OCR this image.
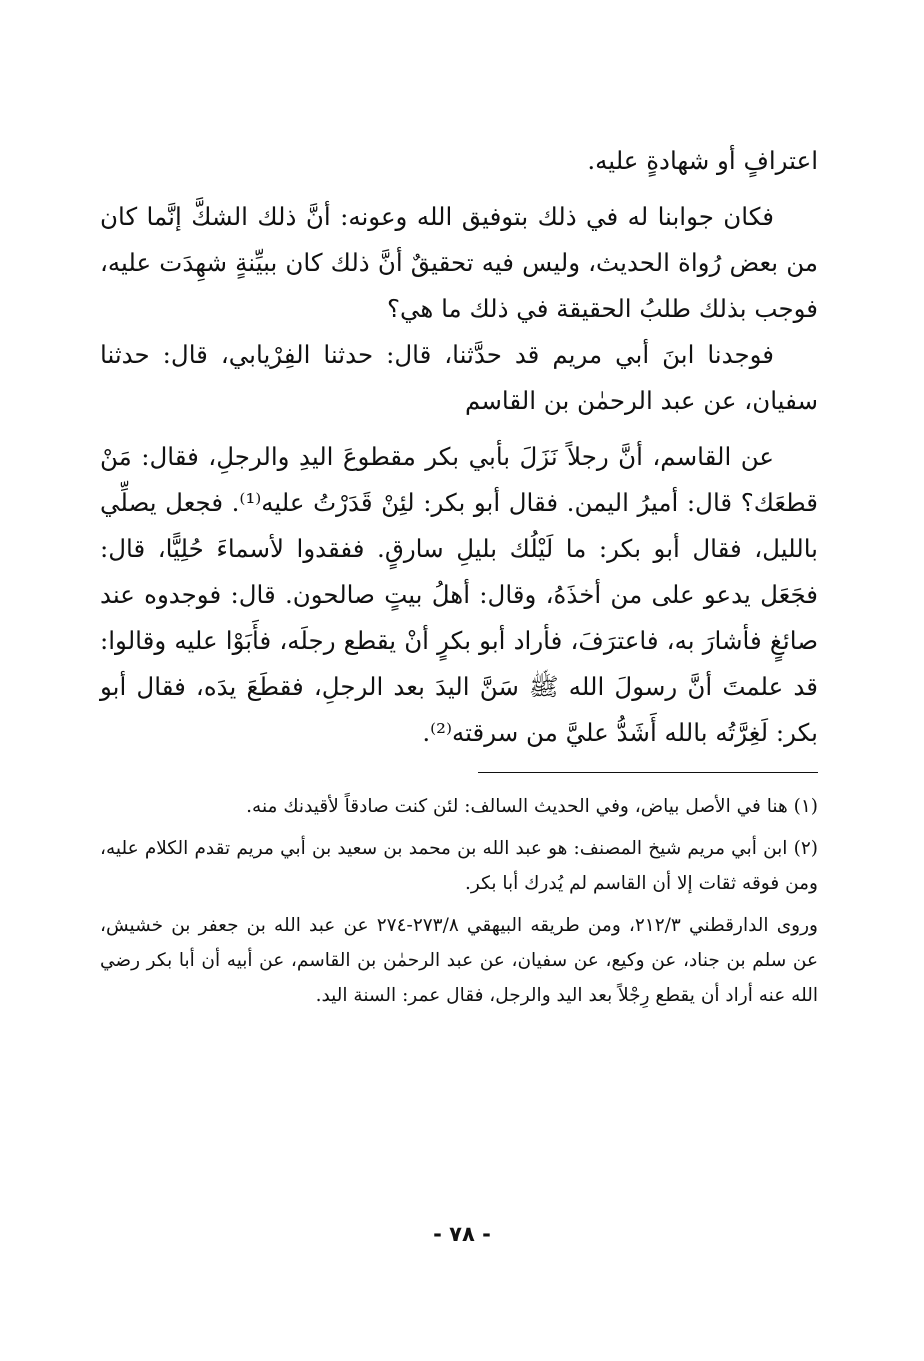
اعترافٍ أو شهادةٍ عليه.

فكان جوابنا له في ذلك بتوفيق الله وعونه: أنَّ ذلك الشكَّ إنَّما كان من بعض رُواة الحديث، وليس فيه تحقيقٌ أنَّ ذلك كان ببيِّنةٍ شهِدَت عليه، فوجب بذلك طلبُ الحقيقة في ذلك ما هي؟

فوجدنا ابنَ أبي مريم قد حدَّثنا، قال: حدثنا الفِرْيابي، قال: حدثنا سفيان، عن عبد الرحمٰن بن القاسم

عن القاسم، أنَّ رجلاً نَزَلَ بأبي بكر مقطوعَ اليدِ والرجلِ، فقال: مَنْ قطعَك؟ قال: أميرُ اليمن. فقال أبو بكر: لئِنْ قَدَرْتُ عليه⁽¹⁾. فجعل يصلِّي بالليل، فقال أبو بكر: ما لَيْلُك بليلِ سارقٍ. ففقدوا لأسماءَ حُلِيًّا، قال: فجَعَل يدعو على من أخذَهُ، وقال: أهلُ بيتٍ صالحون. قال: فوجدوه عند صائغٍ فأشارَ به، فاعترَفَ، فأراد أبو بكرٍ أنْ يقطع رجلَه، فأَبَوْا عليه وقالوا: قد علمتَ أنَّ رسولَ الله ﷺ سَنَّ اليدَ بعد الرجلِ، فقطَعَ يدَه، فقال أبو بكر: لَغِرَّتُه بالله أَشَدُّ عليَّ من سرقته⁽²⁾.

(١) هنا في الأصل بياض، وفي الحديث السالف: لئن كنت صادقاً لأقيدنك منه.

(٢) ابن أبي مريم شيخ المصنف: هو عبد الله بن محمد بن سعيد بن أبي مريم تقدم الكلام عليه، ومن فوقه ثقات إلا أن القاسم لم يُدرك أبا بكر.

وروى الدارقطني ٢١٢/٣، ومن طريقه البيهقي ٢٧٣/٨-٢٧٤ عن عبد الله بن جعفر بن خشيش، عن سلم بن جناد، عن وكيع، عن سفيان، عن عبد الرحمٰن بن القاسم، عن أبيه أن أبا بكر رضي الله عنه أراد أن يقطع رِجْلاً بعد اليد والرجل، فقال عمر: السنة اليد.

- ٧٨ -
